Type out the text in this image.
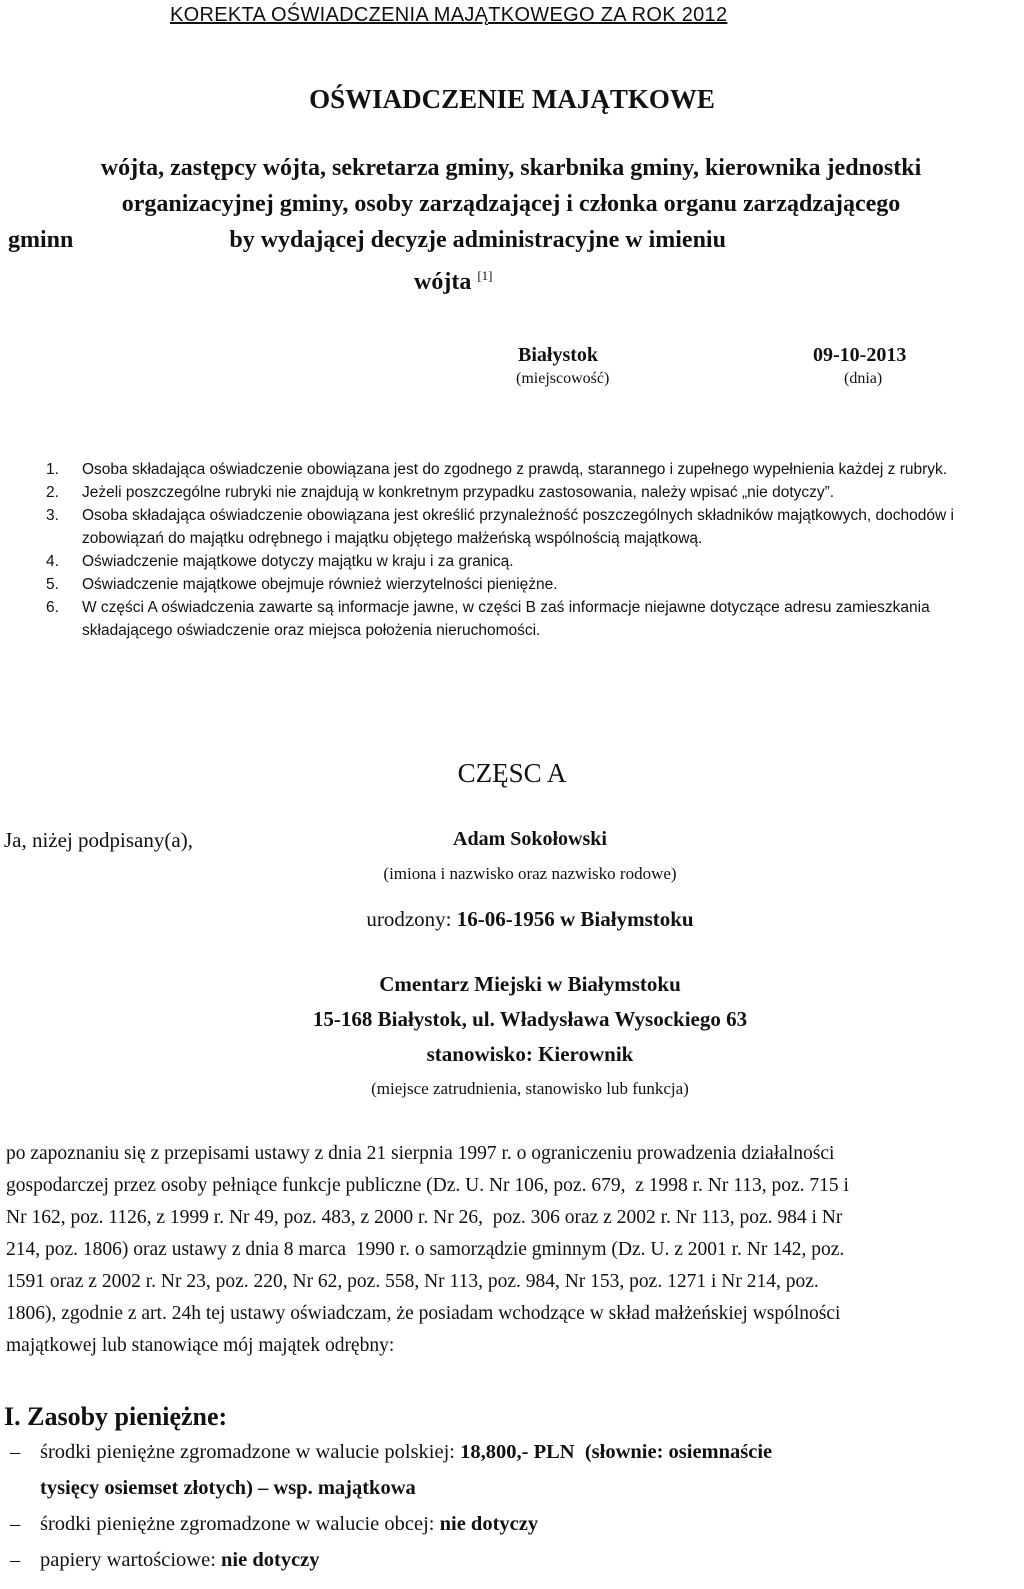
KOREKTA OŚWIADCZENIA MAJĄTKOWEGO ZA ROK 2012
OŚWIADCZENIE MAJĄTKOWE
wójta, zastępcy wójta, sekretarza gminy, skarbnika gminy, kierownika jednostki
organizacyjnej gminy, osoby zarządzającej i członka organu zarządzającego
gminn                          by wydającej decyzje administracyjne w imieniu
wójta [1]
Białystok
(miejscowość)
09-10-2013
(dnia)
1. Osoba składająca oświadczenie obowiązana jest do zgodnego z prawdą, starannego i zupełnego wypełnienia każdej z rubryk.
2. Jeżeli poszczególne rubryki nie znajdują w konkretnym przypadku zastosowania, należy wpisać „nie dotyczy”.
3. Osoba składająca oświadczenie obowiązana jest określić przynależność poszczególnych składników majątkowych, dochodów i zobowiązań do majątku odrębnego i majątku objętego małżeńską wspólnością majątkową.
4. Oświadczenie majątkowe dotyczy majątku w kraju i za granicą.
5. Oświadczenie majątkowe obejmuje również wierzytelności pieniężne.
6. W części A oświadczenia zawarte są informacje jawne, w części B zaś informacje niejawne dotyczące adresu zamieszkania składającego oświadczenie oraz miejsca położenia nieruchomości.
CZĘSC A
Ja, niżej podpisany(a),	Adam Sokołowski
(imiona i nazwisko oraz nazwisko rodowe)
urodzony: 16-06-1956 w Białymstoku
Cmentarz Miejski w Białymstoku
15-168 Białystok, ul. Władysława Wysockiego 63
stanowisko: Kierownik
(miejsce zatrudnienia, stanowisko lub funkcja)
po zapoznaniu się z przepisami ustawy z dnia 21 sierpnia 1997 r. o ograniczeniu prowadzenia działalności
gospodarczej przez osoby pełniące funkcje publiczne (Dz. U. Nr 106, poz. 679,  z 1998 r. Nr 113, poz. 715 i
Nr 162, poz. 1126, z 1999 r. Nr 49, poz. 483, z 2000 r. Nr 26,  poz. 306 oraz z 2002 r. Nr 113, poz. 984 i Nr
214, poz. 1806) oraz ustawy z dnia 8 marca  1990 r. o samorządzie gminnym (Dz. U. z 2001 r. Nr 142, poz.
1591 oraz z 2002 r. Nr 23, poz. 220, Nr 62, poz. 558, Nr 113, poz. 984, Nr 153, poz. 1271 i Nr 214, poz.
1806), zgodnie z art. 24h tej ustawy oświadczam, że posiadam wchodzące w skład małżeńskiej wspólności
majątkowej lub stanowiące mój majątek odrębny:
I. Zasoby pieniężne:
– środki pieniężne zgromadzone w walucie polskiej: 18,800,- PLN  (słownie: osiemnaście
tysięcy osiemset złotych) – wsp. majątkowa
– środki pieniężne zgromadzone w walucie obcej: nie dotyczy
– papiery wartościowe: nie dotyczy
